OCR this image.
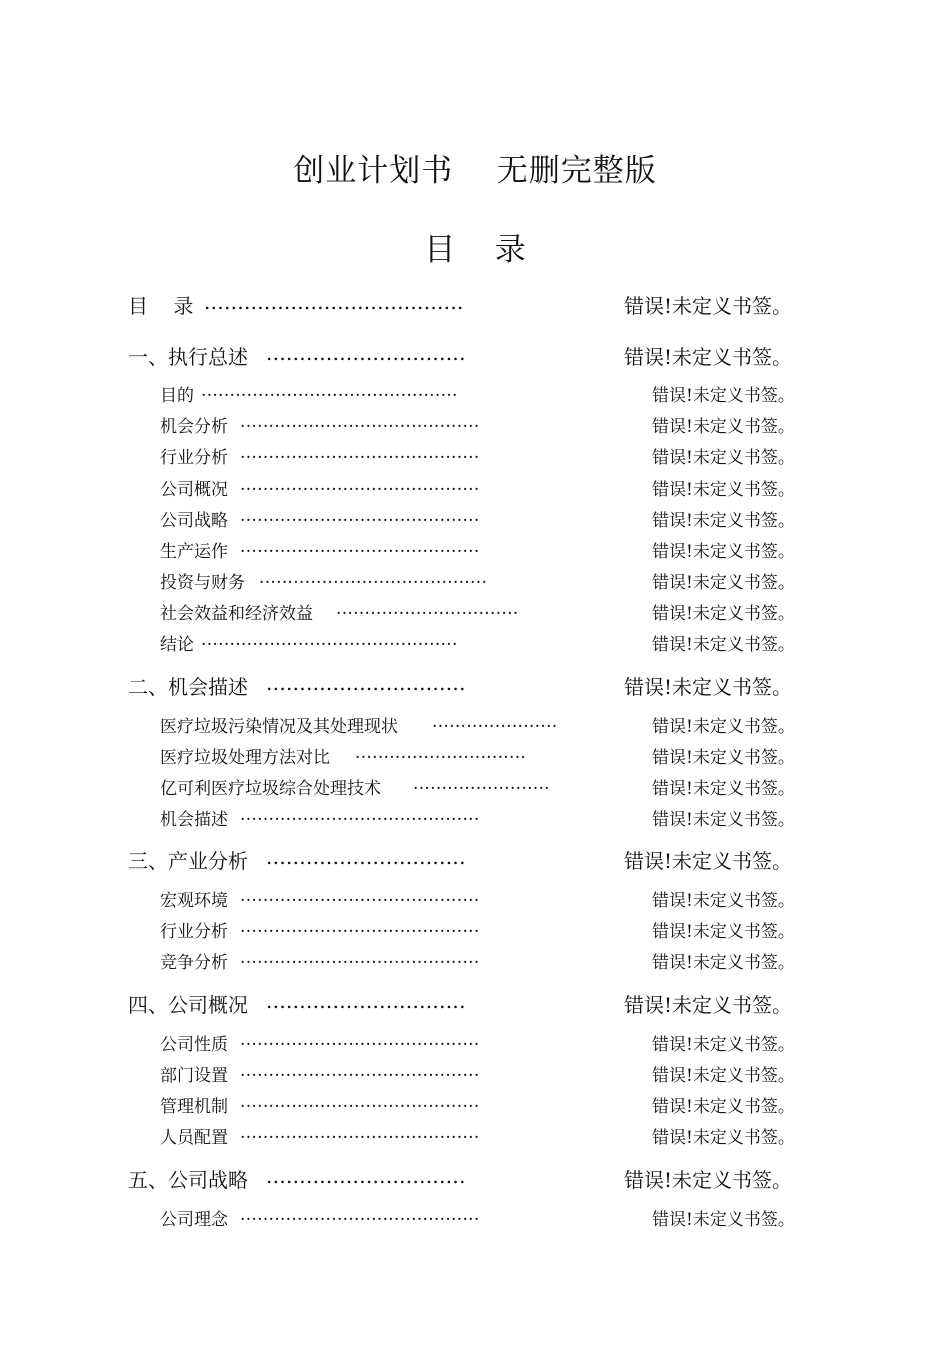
创业计划书    无删完整版
目    录
目    录 .......................................	错误!未定义书签。
一、执行总述 ..............................	错误!未定义书签。
目的 .............................................	错误!未定义书签。
机会分析 ..........................................	错误!未定义书签。
行业分析 ..........................................	错误!未定义书签。
公司概况 ..........................................	错误!未定义书签。
公司战略 ..........................................	错误!未定义书签。
生产运作 ..........................................	错误!未定义书签。
投资与财务 ........................................	错误!未定义书签。
社会效益和经济效益 ................................	错误!未定义书签。
结论 .............................................	错误!未定义书签。
二、机会描述 ..............................	错误!未定义书签。
医疗垃圾污染情况及其处理现状 ......................	错误!未定义书签。
医疗垃圾处理方法对比 ..............................	错误!未定义书签。
亿可利医疗垃圾综合处理技术 ........................	错误!未定义书签。
机会描述 ..........................................	错误!未定义书签。
三、产业分析 ..............................	错误!未定义书签。
宏观环境 ..........................................	错误!未定义书签。
行业分析 ..........................................	错误!未定义书签。
竞争分析 ..........................................	错误!未定义书签。
四、公司概况 ..............................	错误!未定义书签。
公司性质 ..........................................	错误!未定义书签。
部门设置 ..........................................	错误!未定义书签。
管理机制 ..........................................	错误!未定义书签。
人员配置 ..........................................	错误!未定义书签。
五、公司战略 ..............................	错误!未定义书签。
公司理念 ..........................................	错误!未定义书签。
